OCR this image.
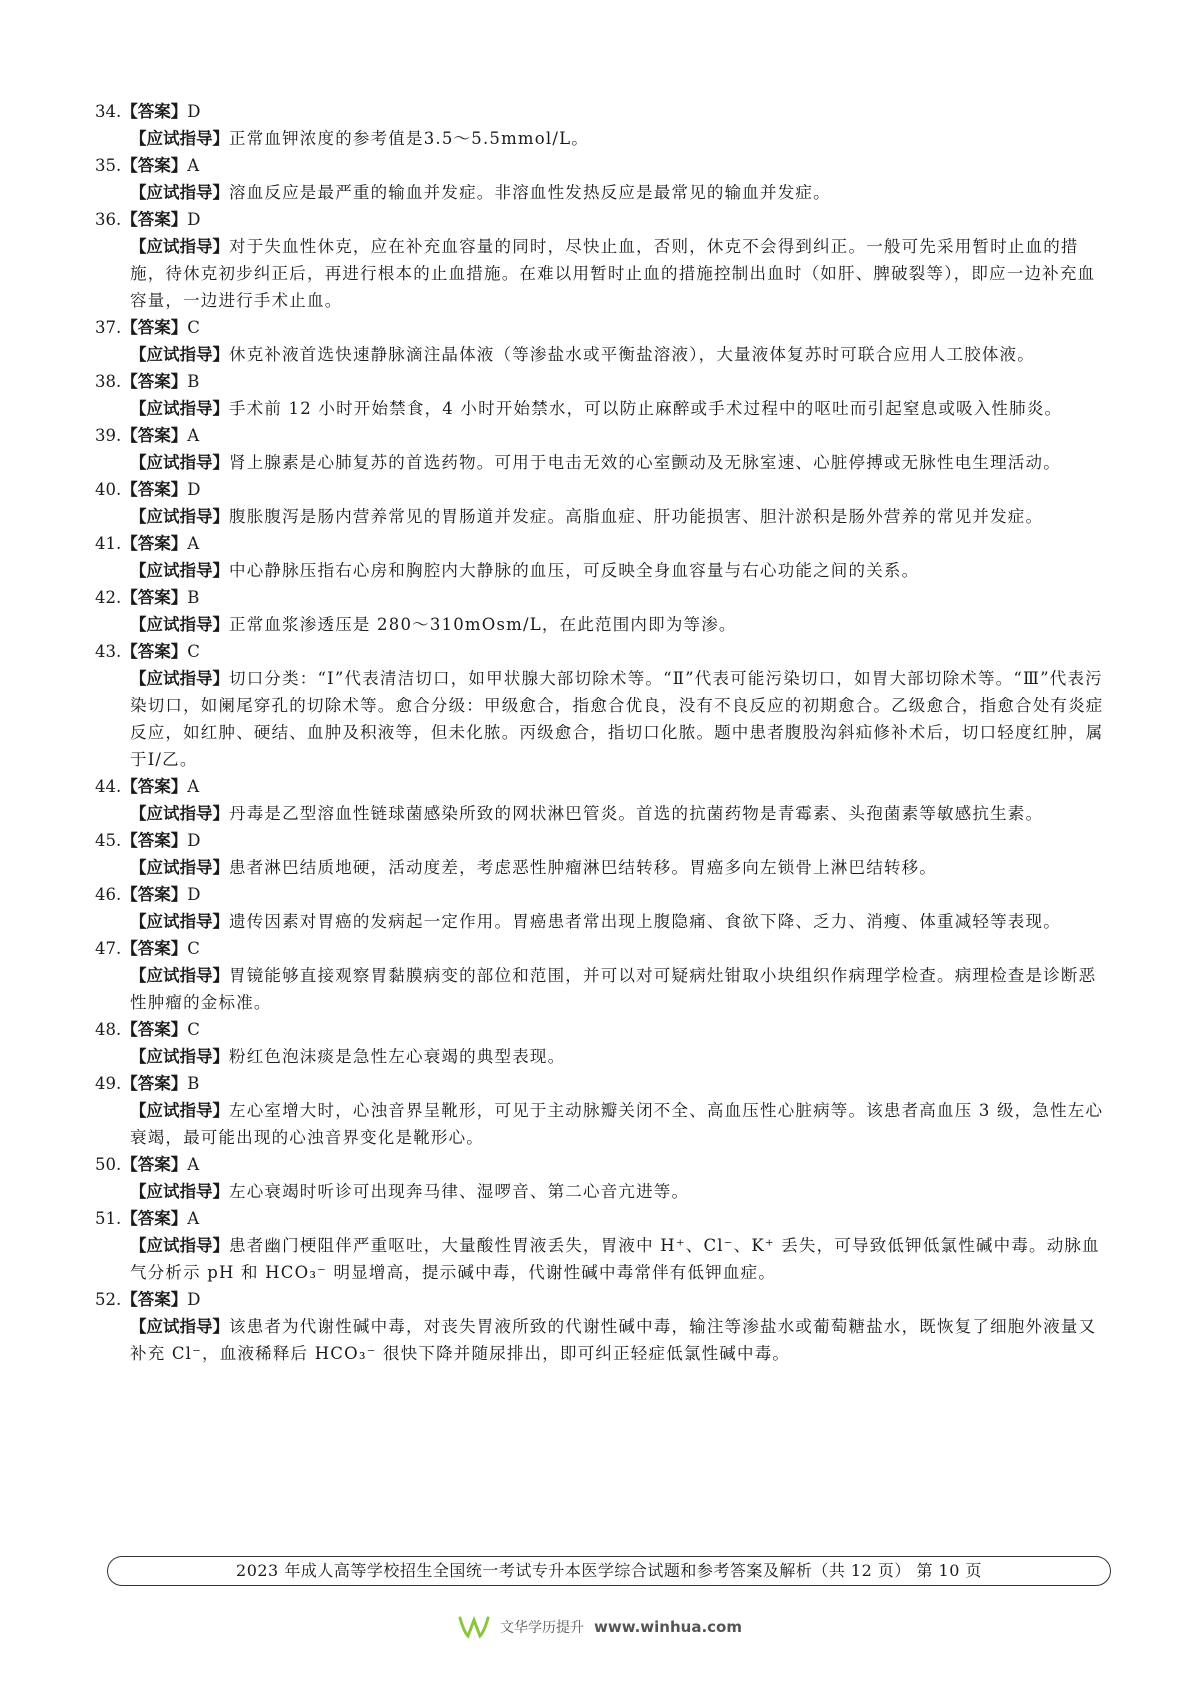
34.【答案】D
【应试指导】正常血钾浓度的参考值是3.5～5.5mmol/L。
35.【答案】A
【应试指导】溶血反应是最严重的输血并发症。非溶血性发热反应是最常见的输血并发症。
36.【答案】D
【应试指导】对于失血性休克，应在补充血容量的同时，尽快止血，否则，休克不会得到纠正。一般可先采用暂时止血的措施，待休克初步纠正后，再进行根本的止血措施。在难以用暂时止血的措施控制出血时（如肝、脾破裂等），即应一边补充血容量，一边进行手术止血。
37.【答案】C
【应试指导】休克补液首选快速静脉滴注晶体液（等渗盐水或平衡盐溶液），大量液体复苏时可联合应用人工胶体液。
38.【答案】B
【应试指导】手术前 12 小时开始禁食，4 小时开始禁水，可以防止麻醉或手术过程中的呕吐而引起窒息或吸入性肺炎。
39.【答案】A
【应试指导】肾上腺素是心肺复苏的首选药物。可用于电击无效的心室颤动及无脉室速、心脏停搏或无脉性电生理活动。
40.【答案】D
【应试指导】腹胀腹泻是肠内营养常见的胃肠道并发症。高脂血症、肝功能损害、胆汁淤积是肠外营养的常见并发症。
41.【答案】A
【应试指导】中心静脉压指右心房和胸腔内大静脉的血压，可反映全身血容量与右心功能之间的关系。
42.【答案】B
【应试指导】正常血浆渗透压是 280～310mOsm/L，在此范围内即为等渗。
43.【答案】C
【应试指导】切口分类：“Ⅰ”代表清洁切口，如甲状腺大部切除术等。“Ⅱ”代表可能污染切口，如胃大部切除术等。“Ⅲ”代表污染切口，如阑尾穿孔的切除术等。愈合分级：甲级愈合，指愈合优良，没有不良反应的初期愈合。乙级愈合，指愈合处有炎症反应，如红肿、硬结、血肿及积液等，但未化脓。丙级愈合，指切口化脓。题中患者腹股沟斜疝修补术后，切口轻度红肿，属于Ⅰ/乙。
44.【答案】A
【应试指导】丹毒是乙型溶血性链球菌感染所致的网状淋巴管炎。首选的抗菌药物是青霉素、头孢菌素等敏感抗生素。
45.【答案】D
【应试指导】患者淋巴结质地硬，活动度差，考虑恶性肿瘤淋巴结转移。胃癌多向左锁骨上淋巴结转移。
46.【答案】D
【应试指导】遗传因素对胃癌的发病起一定作用。胃癌患者常出现上腹隐痛、食欲下降、乏力、消瘦、体重减轻等表现。
47.【答案】C
【应试指导】胃镜能够直接观察胃黏膜病变的部位和范围，并可以对可疑病灶钳取小块组织作病理学检查。病理检查是诊断恶性肿瘤的金标准。
48.【答案】C
【应试指导】粉红色泡沫痰是急性左心衰竭的典型表现。
49.【答案】B
【应试指导】左心室增大时，心浊音界呈靴形，可见于主动脉瓣关闭不全、高血压性心脏病等。该患者高血压 3 级，急性左心衰竭，最可能出现的心浊音界变化是靴形心。
50.【答案】A
【应试指导】左心衰竭时听诊可出现奔马律、湿啰音、第二心音亢进等。
51.【答案】A
【应试指导】患者幽门梗阻伴严重呕吐，大量酸性胃液丢失，胃液中 H⁺、Cl⁻、K⁺ 丢失，可导致低钾低氯性碱中毒。动脉血气分析示 pH 和 HCO₃⁻ 明显增高，提示碱中毒，代谢性碱中毒常伴有低钾血症。
52.【答案】D
【应试指导】该患者为代谢性碱中毒，对丧失胃液所致的代谢性碱中毒，输注等渗盐水或葡萄糖盐水，既恢复了细胞外液量又补充 Cl⁻，血液稀释后 HCO₃⁻ 很快下降并随尿排出，即可纠正轻症低氯性碱中毒。
2023 年成人高等学校招生全国统一考试专升本医学综合试题和参考答案及解析（共 12 页） 第 10 页
文华学历提升 www.winhua.com
